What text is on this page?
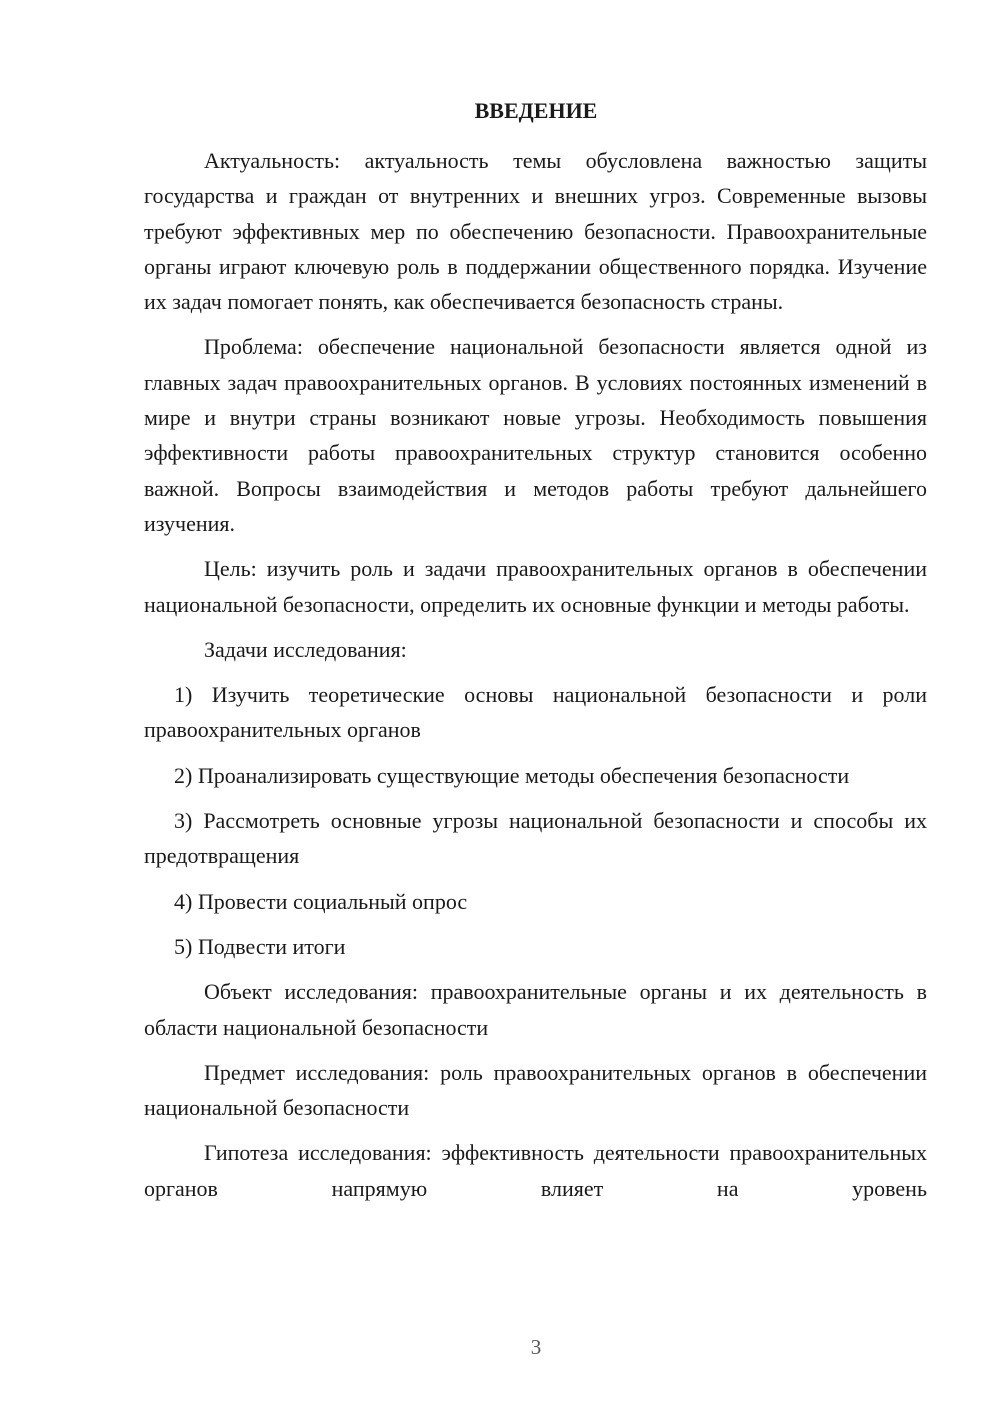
ВВЕДЕНИЕ

Актуальность: актуальность темы обусловлена важностью защиты государства и граждан от внутренних и внешних угроз. Современные вызовы требуют эффективных мер по обеспечению безопасности. Правоохранительные органы играют ключевую роль в поддержании общественного порядка. Изучение их задач помогает понять, как обеспечивается безопасность страны.

Проблема: обеспечение национальной безопасности является одной из главных задач правоохранительных органов. В условиях постоянных изменений в мире и внутри страны возникают новые угрозы. Необходимость повышения эффективности работы правоохранительных структур становится особенно важной. Вопросы взаимодействия и методов работы требуют дальнейшего изучения.

Цель: изучить роль и задачи правоохранительных органов в обеспечении национальной безопасности, определить их основные функции и методы работы.

Задачи исследования:

1) Изучить теоретические основы национальной безопасности и роли правоохранительных органов

2) Проанализировать существующие методы обеспечения безопасности

3) Рассмотреть основные угрозы национальной безопасности и способы их предотвращения

4) Провести социальный опрос

5) Подвести итоги

Объект исследования: правоохранительные органы и их деятельность в области национальной безопасности

Предмет исследования: роль правоохранительных органов в обеспечении национальной безопасности

Гипотеза исследования: эффективность деятельности правоохранительных органов напрямую влияет на уровень

3
